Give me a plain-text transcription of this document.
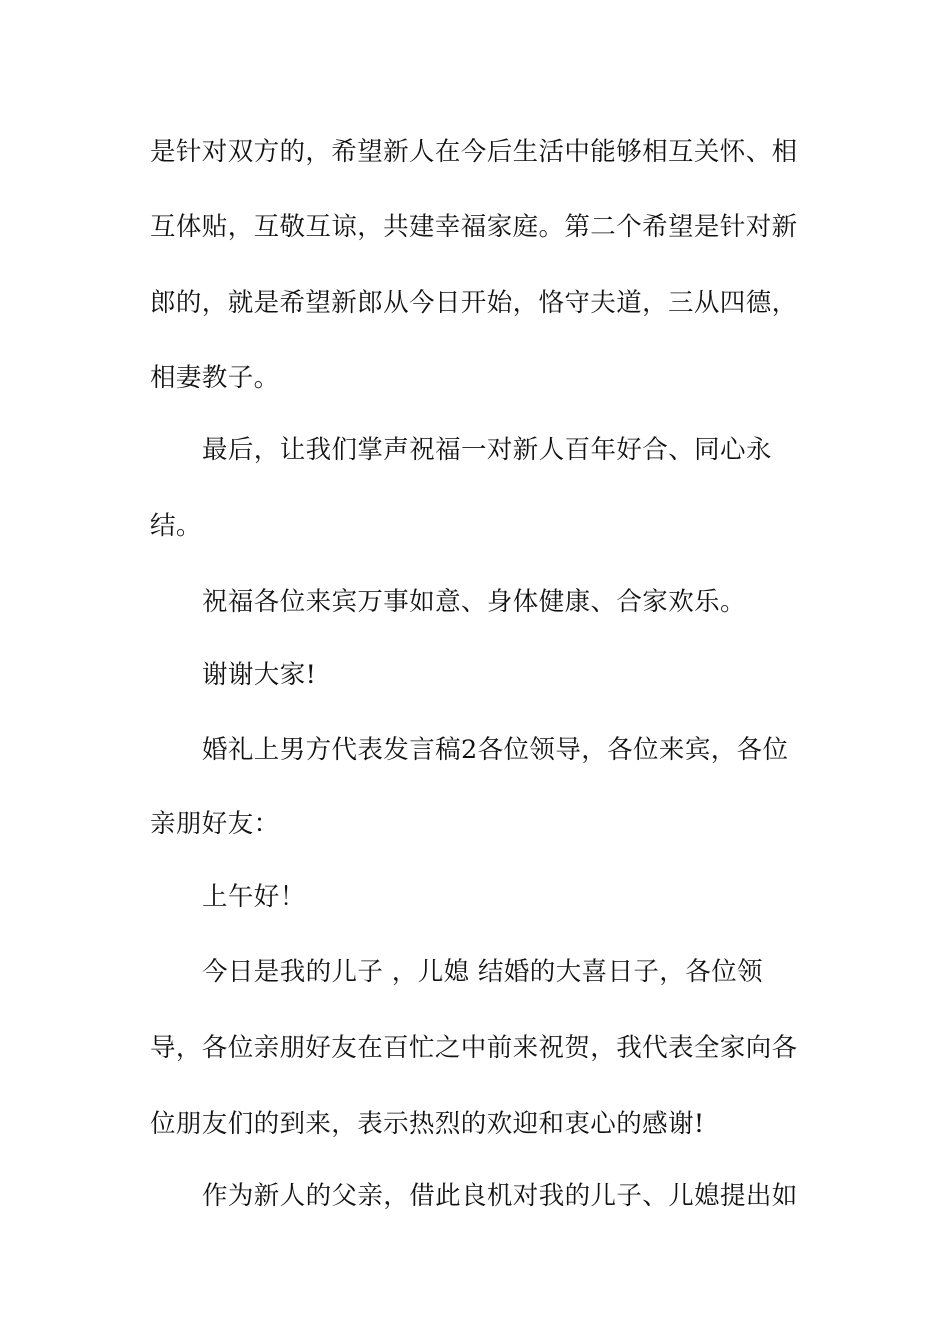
是针对双方的，希望新人在今后生活中能够相互关怀、相
互体贴，互敬互谅，共建幸福家庭。第二个希望是针对新
郎的，就是希望新郎从今日开始，恪守夫道，三从四德，
相妻教子。
最后，让我们掌声祝福一对新人百年好合、同心永
结。
祝福各位来宾万事如意、身体健康、合家欢乐。
谢谢大家!
婚礼上男方代表发言稿2各位领导，各位来宾，各位
亲朋好友：
上午好！
今日是我的儿子 ，儿媳 结婚的大喜日子，各位领
导，各位亲朋好友在百忙之中前来祝贺，我代表全家向各
位朋友们的到来，表示热烈的欢迎和衷心的感谢!
作为新人的父亲，借此良机对我的儿子、儿媳提出如
